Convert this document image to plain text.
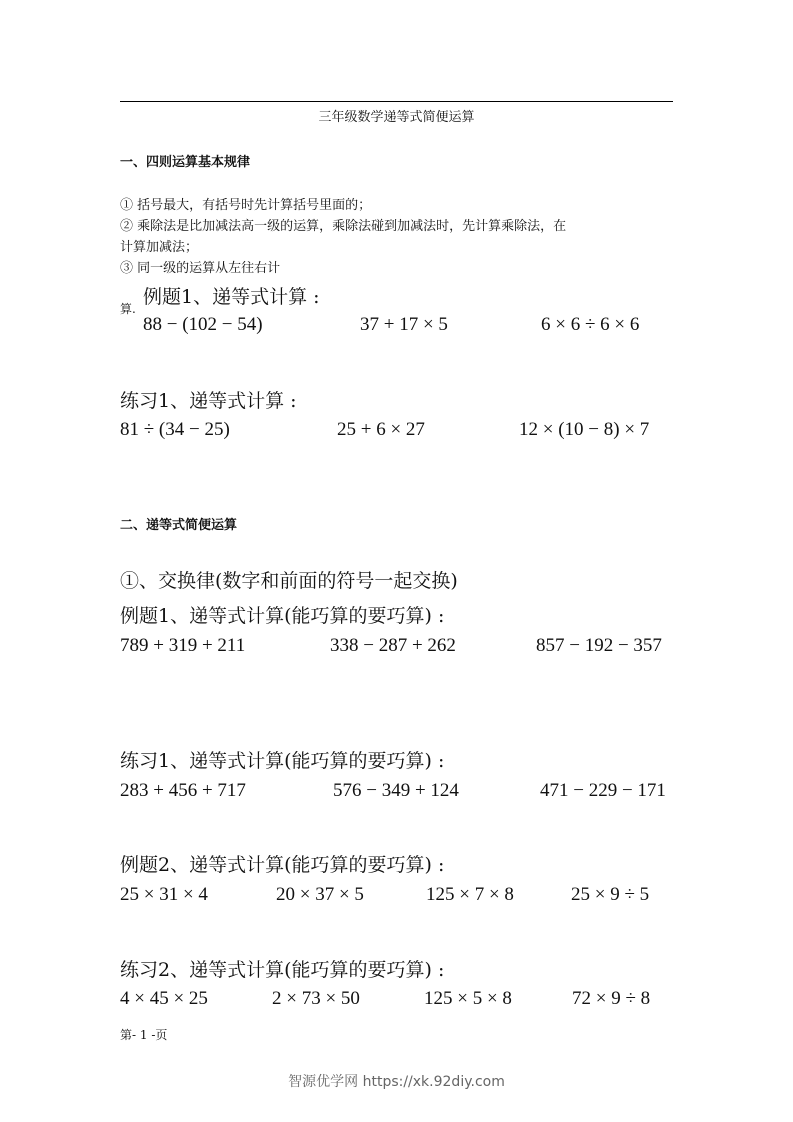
三年级数学递等式简便运算
一、四则运算基本规律
① 括号最大，有括号时先计算括号里面的；
② 乘除法是比加减法高一级的运算，乘除法碰到加减法时，先计算乘除法，在
计算加减法；
③ 同一级的运算从左往右计
算.
例题1、递等式计算 :
88 − (102 − 54)	37 + 17 × 5	6 × 6 ÷ 6 × 6
练习1、递等式计算 :
81 ÷ (34 − 25)	25 + 6 × 27	12 × (10 − 8) × 7
二、递等式简便运算
①、交换律(数字和前面的符号一起交换)
例题1、递等式计算(能巧算的要巧算) :
789 + 319 + 211	338 − 287 + 262	857 − 192 − 357
练习1、递等式计算(能巧算的要巧算) :
283 + 456 + 717	576 − 349 + 124	471 − 229 − 171
例题2、递等式计算(能巧算的要巧算) :
25 × 31 × 4	20 × 37 × 5	125 × 7 × 8	25 × 9 ÷ 5
练习2、递等式计算(能巧算的要巧算) :
4 × 45 × 25	2 × 73 × 50	125 × 5 × 8	72 × 9 ÷ 8
第- 1 -页
智源优学网 https://xk.92diy.com
